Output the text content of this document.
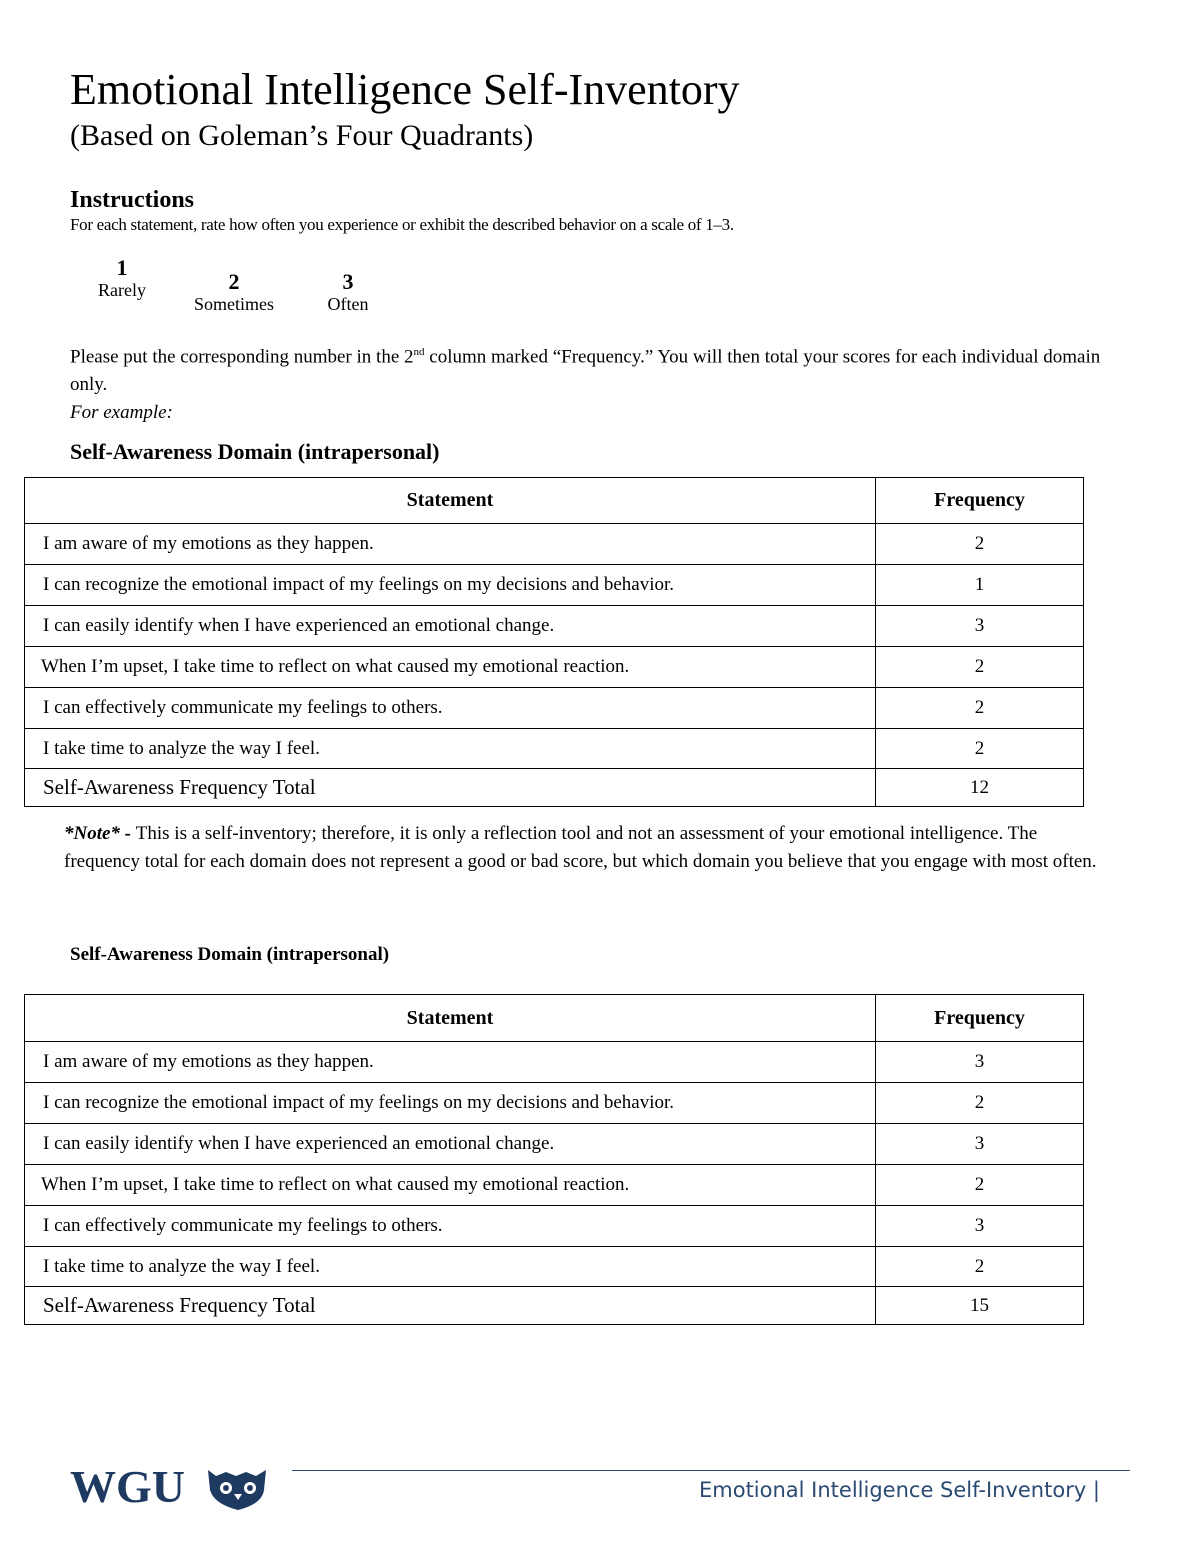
Emotional Intelligence Self-Inventory
(Based on Goleman’s Four Quadrants)
Instructions
For each statement, rate how often you experience or exhibit the described behavior on a scale of 1–3.
1
Rarely	2
Sometimes
3
Often
Please put the corresponding number in the 2nd column marked “Frequency.” You will then total your scores for each individual domain only.
For example:
Self-Awareness Domain (intrapersonal)
Statement	Frequency
I am aware of my emotions as they happen.	2
I can recognize the emotional impact of my feelings on my decisions and behavior.	1
I can easily identify when I have experienced an emotional change.	3
When I’m upset, I take time to reflect on what caused my emotional reaction.	2
I can effectively communicate my feelings to others.	2
I take time to analyze the way I feel.	2
Self-Awareness Frequency Total	12
*Note* - This is a self-inventory; therefore, it is only a reflection tool and not an assessment of your emotional intelligence. The frequency total for each domain does not represent a good or bad score, but which domain you believe that you engage with most often.
Self-Awareness Domain (intrapersonal)
Statement	Frequency
I am aware of my emotions as they happen.	3
I can recognize the emotional impact of my feelings on my decisions and behavior.	2
I can easily identify when I have experienced an emotional change.	3
When I’m upset, I take time to reflect on what caused my emotional reaction.	2
I can effectively communicate my feelings to others.	3
I take time to analyze the way I feel.	2
Self-Awareness Frequency Total	15
WGU	Emotional Intelligence Self-Inventory |
